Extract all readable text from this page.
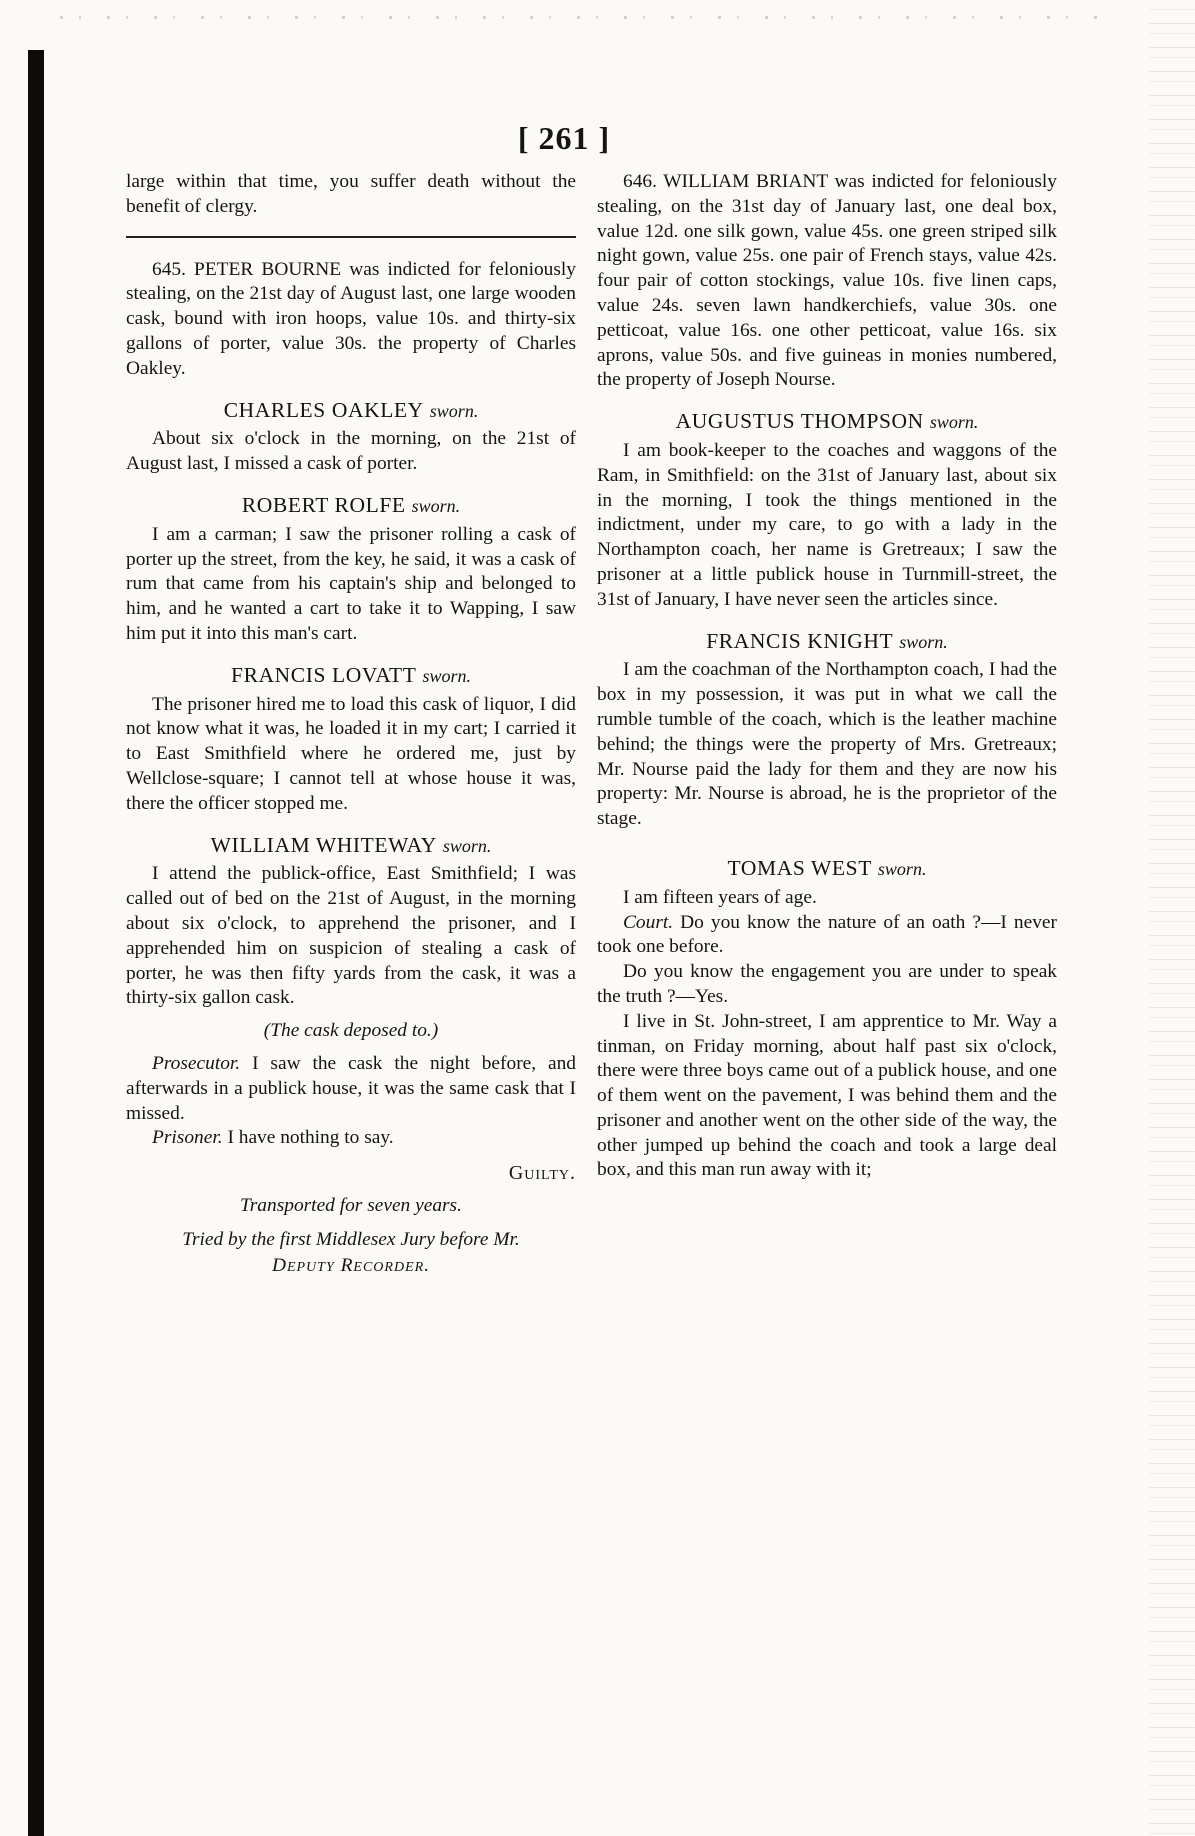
[ 261 ]

large within that time, you suffer death without the benefit of clergy.

645. PETER BOURNE was indicted for feloniously stealing, on the 21st day of August last, one large wooden cask, bound with iron hoops, value 10s. and thirty-six gallons of porter, value 30s. the property of Charles Oakley.

CHARLES OAKLEY sworn.

About six o'clock in the morning, on the 21st of August last, I missed a cask of porter.

ROBERT ROLFE sworn.

I am a carman; I saw the prisoner rolling a cask of porter up the street, from the key, he said, it was a cask of rum that came from his captain's ship and belonged to him, and he wanted a cart to take it to Wapping, I saw him put it into this man's cart.

FRANCIS LOVATT sworn.

The prisoner hired me to load this cask of liquor, I did not know what it was, he loaded it in my cart; I carried it to East Smithfield where he ordered me, just by Wellclose-square; I cannot tell at whose house it was, there the officer stopped me.

WILLIAM WHITEWAY sworn.

I attend the publick-office, East Smithfield; I was called out of bed on the 21st of August, in the morning about six o'clock, to apprehend the prisoner, and I apprehended him on suspicion of stealing a cask of porter, he was then fifty yards from the cask, it was a thirty-six gallon cask.

(The cask deposed to.)

Prosecutor. I saw the cask the night before, and afterwards in a publick house, it was the same cask that I missed.

Prisoner. I have nothing to say.

Guilty.

Transported for seven years.

Tried by the first Middlesex Jury before Mr.
Deputy Recorder.

646. WILLIAM BRIANT was indicted for feloniously stealing, on the 31st day of January last, one deal box, value 12d. one silk gown, value 45s. one green striped silk night gown, value 25s. one pair of French stays, value 42s. four pair of cotton stockings, value 10s. five linen caps, value 24s. seven lawn handkerchiefs, value 30s. one petticoat, value 16s. one other petticoat, value 16s. six aprons, value 50s. and five guineas in monies numbered, the property of Joseph Nourse.

AUGUSTUS THOMPSON sworn.

I am book-keeper to the coaches and waggons of the Ram, in Smithfield: on the 31st of January last, about six in the morning, I took the things mentioned in the indictment, under my care, to go with a lady in the Northampton coach, her name is Gretreaux; I saw the prisoner at a little publick house in Turnmill-street, the 31st of January, I have never seen the articles since.

FRANCIS KNIGHT sworn.

I am the coachman of the Northampton coach, I had the box in my possession, it was put in what we call the rumble tumble of the coach, which is the leather machine behind; the things were the property of Mrs. Gretreaux; Mr. Nourse paid the lady for them and they are now his property: Mr. Nourse is abroad, he is the proprietor of the stage.

TOMAS WEST sworn.

I am fifteen years of age.

Court. Do you know the nature of an oath ?—I never took one before.

Do you know the engagement you are under to speak the truth ?—Yes.

I live in St. John-street, I am apprentice to Mr. Way a tinman, on Friday morning, about half past six o'clock, there were three boys came out of a publick house, and one of them went on the pavement, I was behind them and the prisoner and another went on the other side of the way, the other jumped up behind the coach and took a large deal box, and this man run away with it;
